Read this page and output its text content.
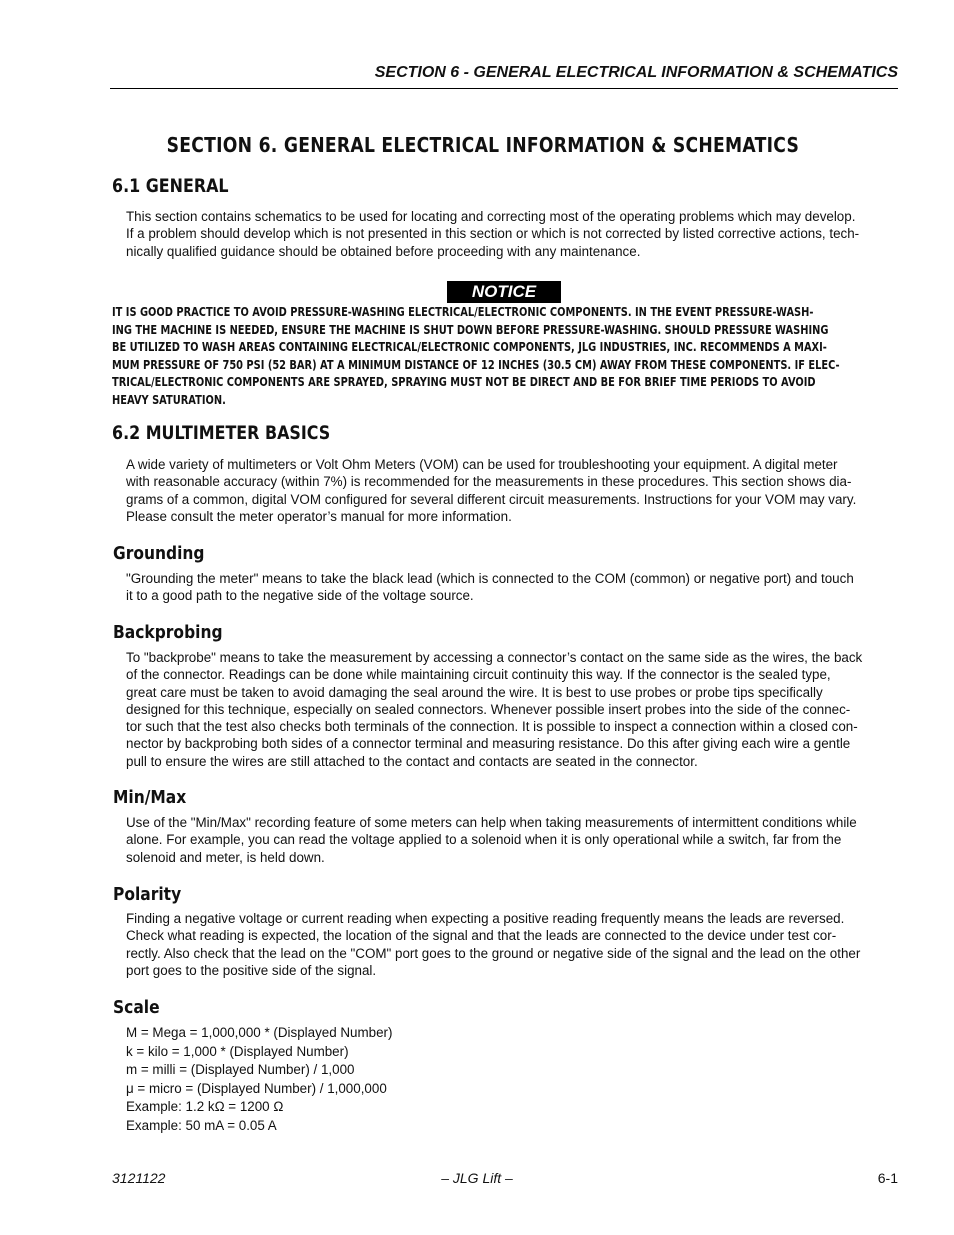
SECTION 6 - GENERAL ELECTRICAL INFORMATION & SCHEMATICS
SECTION 6. GENERAL ELECTRICAL INFORMATION & SCHEMATICS
6.1 GENERAL
This section contains schematics to be used for locating and correcting most of the operating problems which may develop.
If a problem should develop which is not presented in this section or which is not corrected by listed corrective actions, tech-
nically qualified guidance should be obtained before proceeding with any maintenance.
NOTICE
IT IS GOOD PRACTICE TO AVOID PRESSURE-WASHING ELECTRICAL/ELECTRONIC COMPONENTS. IN THE EVENT PRESSURE-WASH-
ING THE MACHINE IS NEEDED, ENSURE THE MACHINE IS SHUT DOWN BEFORE PRESSURE-WASHING. SHOULD PRESSURE WASHING
BE UTILIZED TO WASH AREAS CONTAINING ELECTRICAL/ELECTRONIC COMPONENTS, JLG INDUSTRIES, INC. RECOMMENDS A MAXI-
MUM PRESSURE OF 750 PSI (52 BAR) AT A MINIMUM DISTANCE OF 12 INCHES (30.5 CM) AWAY FROM THESE COMPONENTS. IF ELEC-
TRICAL/ELECTRONIC COMPONENTS ARE SPRAYED, SPRAYING MUST NOT BE DIRECT AND BE FOR BRIEF TIME PERIODS TO AVOID
HEAVY SATURATION.
6.2 MULTIMETER BASICS
A wide variety of multimeters or Volt Ohm Meters (VOM) can be used for troubleshooting your equipment. A digital meter
with reasonable accuracy (within 7%) is recommended for the measurements in these procedures. This section shows dia-
grams of a common, digital VOM configured for several different circuit measurements. Instructions for your VOM may vary.
Please consult the meter operator’s manual for more information.
Grounding
"Grounding the meter" means to take the black lead (which is connected to the COM (common) or negative port) and touch
it to a good path to the negative side of the voltage source.
Backprobing
To "backprobe" means to take the measurement by accessing a connector’s contact on the same side as the wires, the back
of the connector. Readings can be done while maintaining circuit continuity this way. If the connector is the sealed type,
great care must be taken to avoid damaging the seal around the wire. It is best to use probes or probe tips specifically
designed for this technique, especially on sealed connectors. Whenever possible insert probes into the side of the connec-
tor such that the test also checks both terminals of the connection. It is possible to inspect a connection within a closed con-
nector by backprobing both sides of a connector terminal and measuring resistance. Do this after giving each wire a gentle
pull to ensure the wires are still attached to the contact and contacts are seated in the connector.
Min/Max
Use of the "Min/Max" recording feature of some meters can help when taking measurements of intermittent conditions while
alone. For example, you can read the voltage applied to a solenoid when it is only operational while a switch, far from the
solenoid and meter, is held down.
Polarity
Finding a negative voltage or current reading when expecting a positive reading frequently means the leads are reversed.
Check what reading is expected, the location of the signal and that the leads are connected to the device under test cor-
rectly. Also check that the lead on the "COM" port goes to the ground or negative side of the signal and the lead on the other
port goes to the positive side of the signal.
Scale
M = Mega = 1,000,000 * (Displayed Number)
k = kilo = 1,000 * (Displayed Number)
m = milli = (Displayed Number) / 1,000
μ = micro = (Displayed Number) / 1,000,000
Example: 1.2 kΩ = 1200 Ω
Example: 50 mA = 0.05 A
3121122	– JLG Lift –	6-1
